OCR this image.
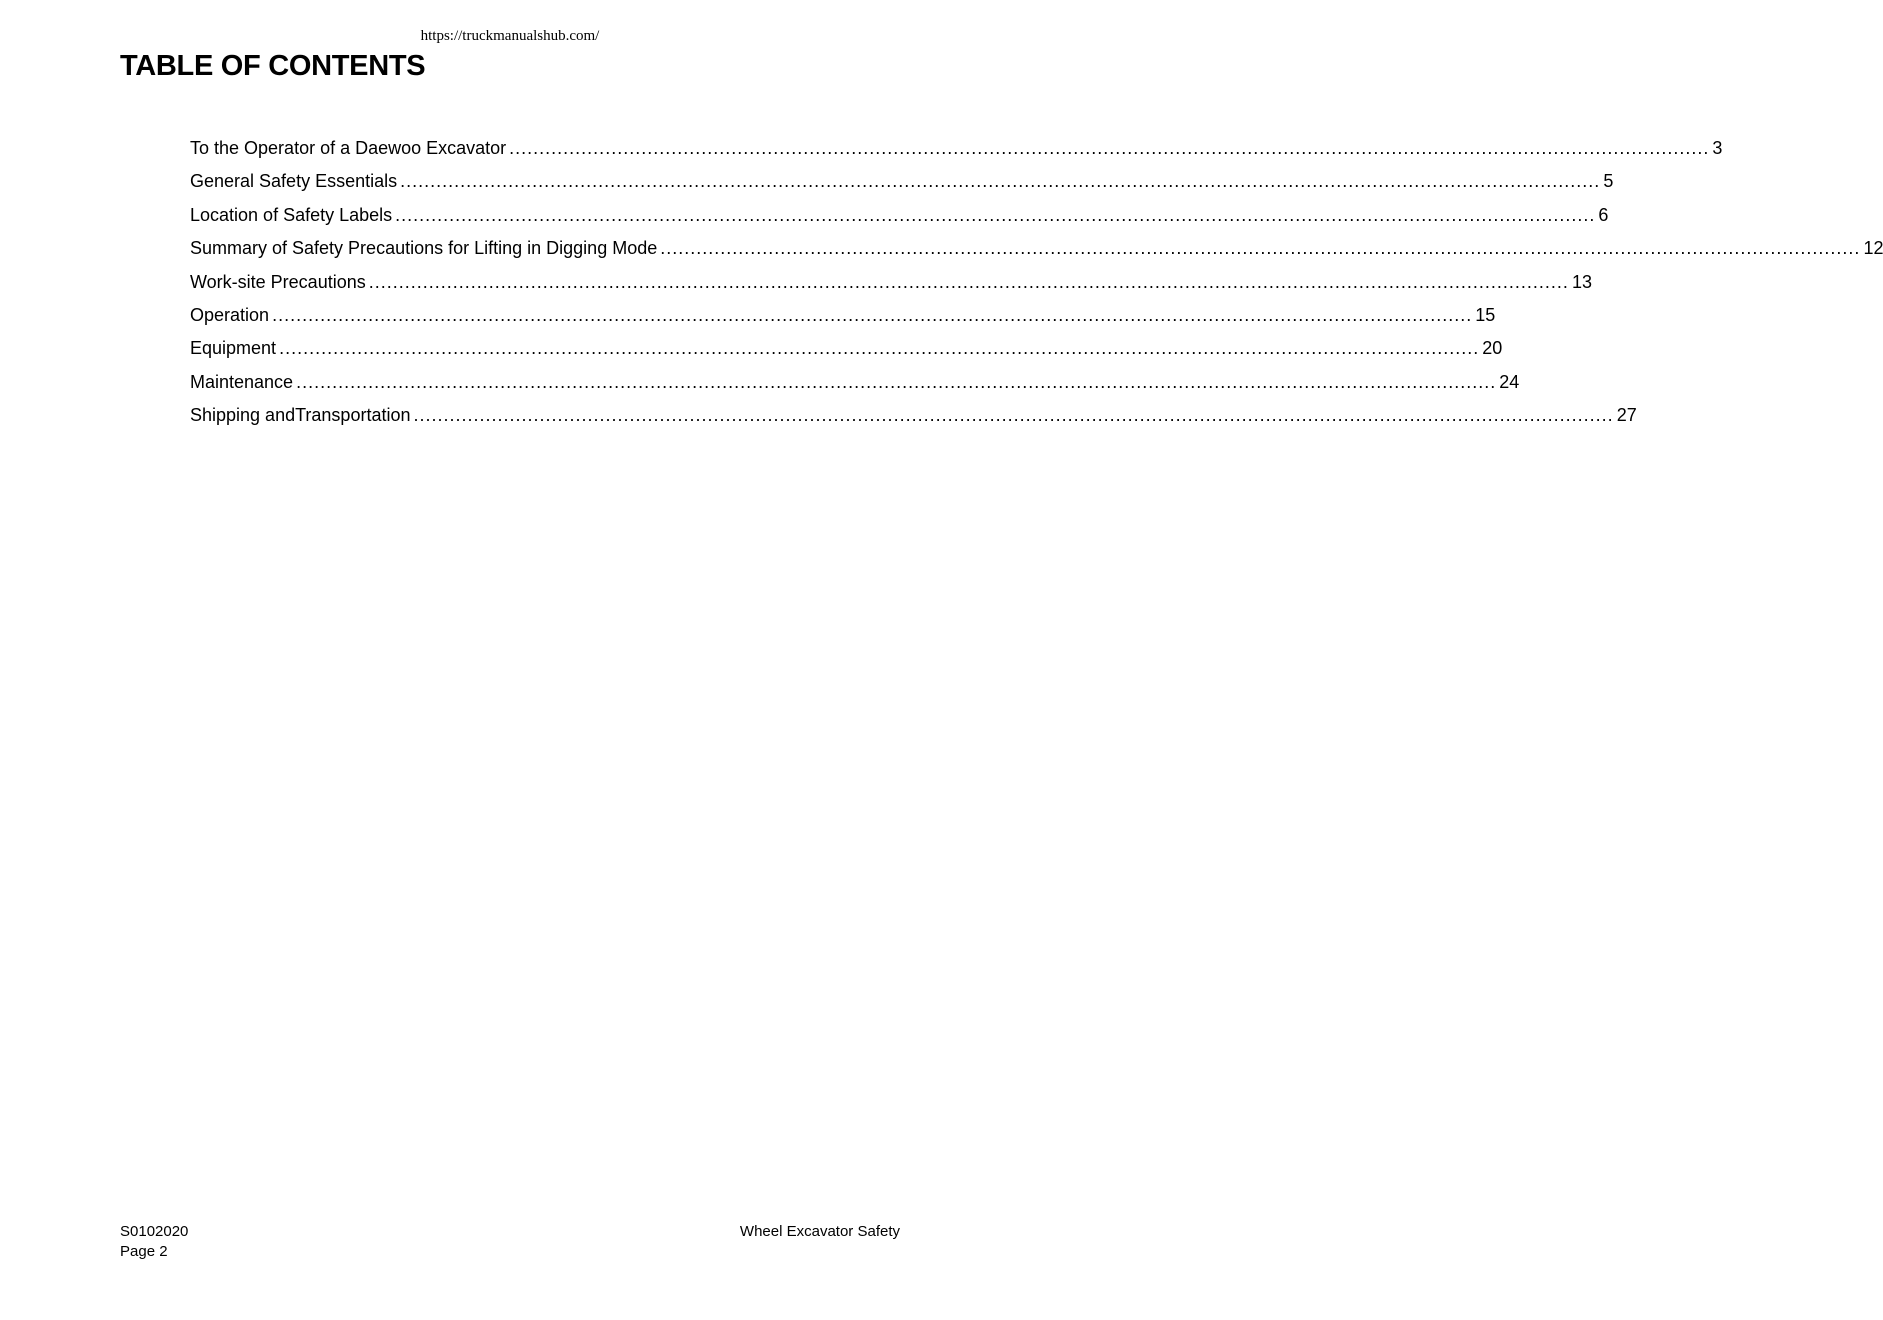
https://truckmanualshub.com/
TABLE OF CONTENTS
To the Operator of a Daewoo Excavator ........................................................................................................................................................................................................ 3
General Safety Essentials ........................................................................................................................................................................................................ 5
Location of Safety Labels ........................................................................................................................................................................................................ 6
Summary of Safety Precautions for Lifting in Digging Mode ........................................................................................................................................................................................................ 12
Work-site Precautions ........................................................................................................................................................................................................ 13
Operation ........................................................................................................................................................................................................ 15
Equipment ........................................................................................................................................................................................................ 20
Maintenance ........................................................................................................................................................................................................ 24
Shipping andTransportation ........................................................................................................................................................................................................ 27
S0102020
Page 2
Wheel Excavator Safety
